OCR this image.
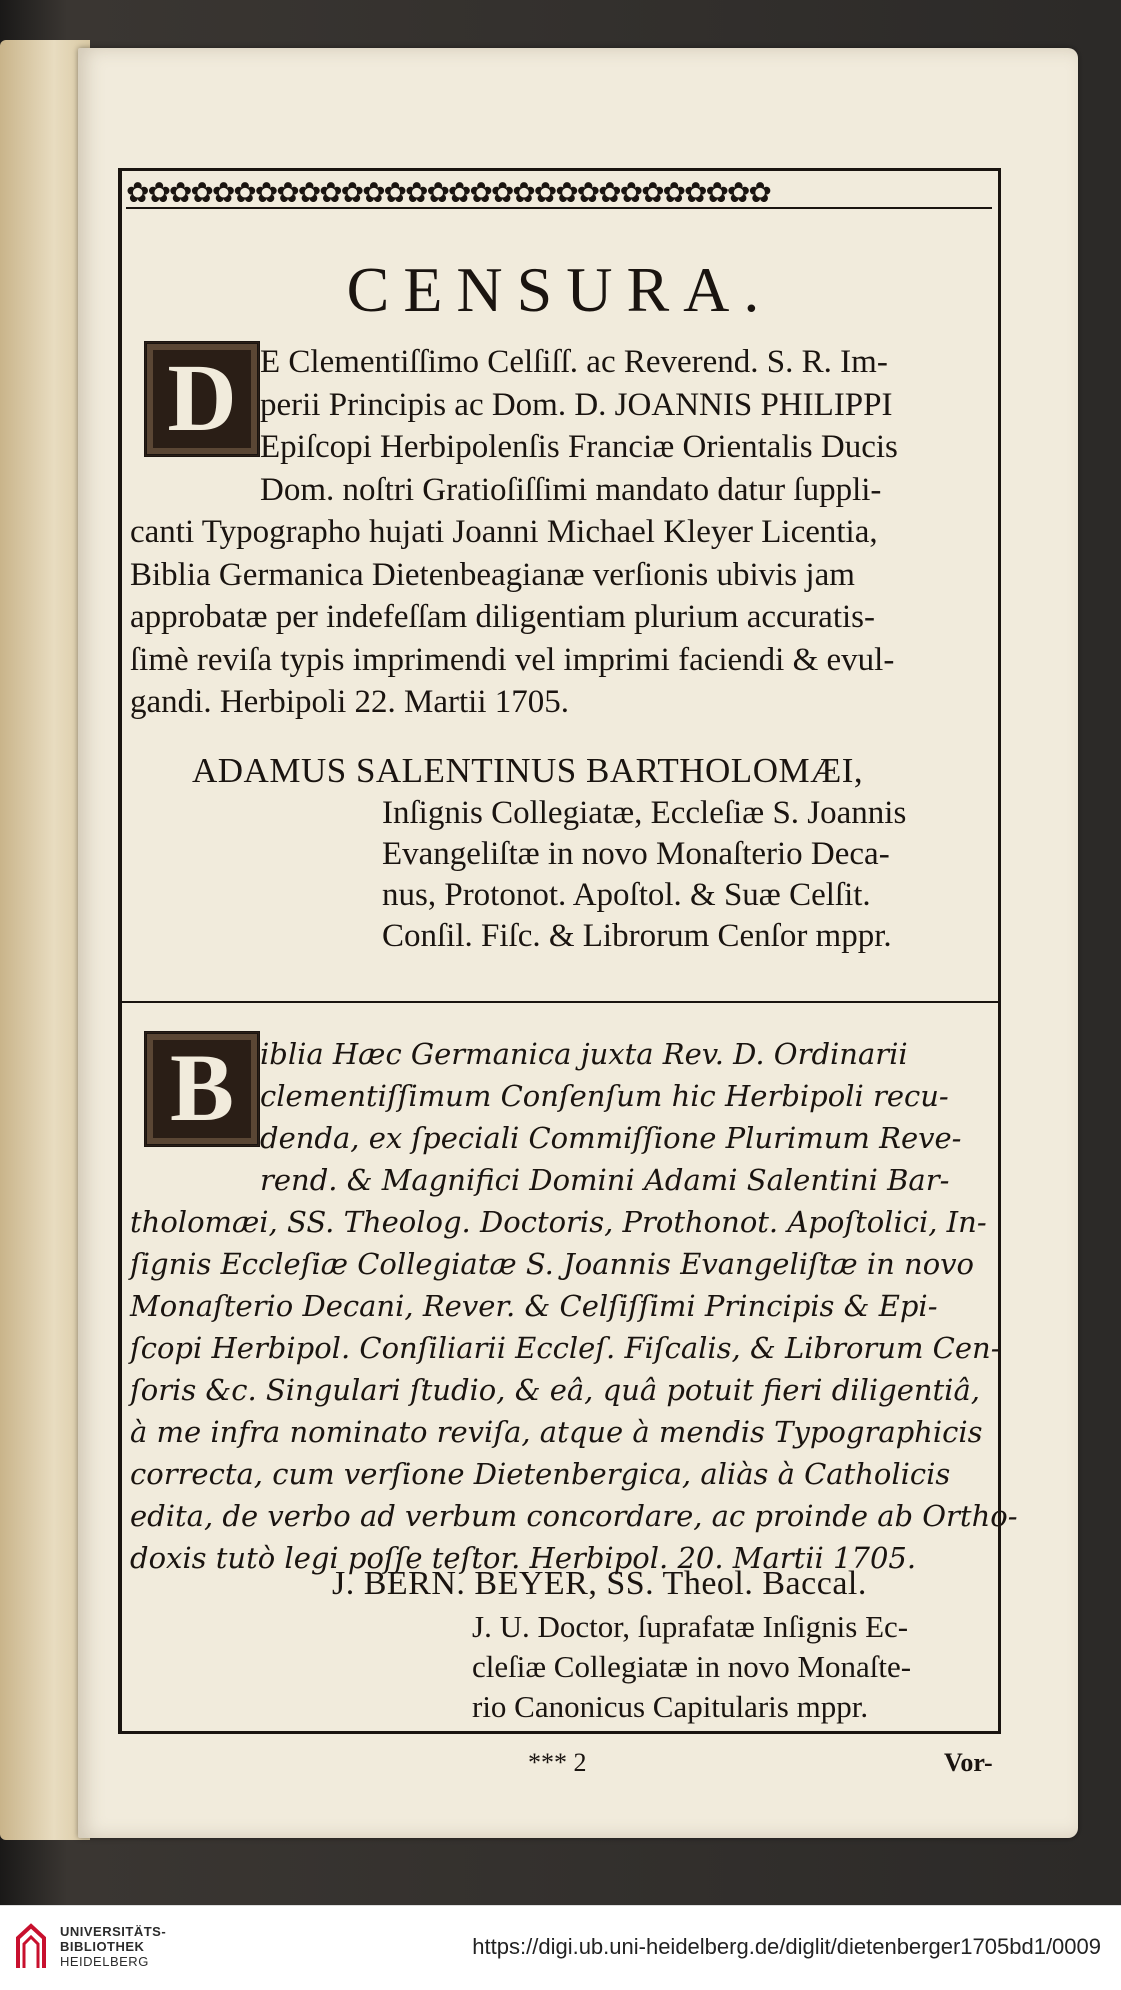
✿✿✿✿✿✿✿✿✿✿✿✿✿✿✿✿✿✿✿✿✿✿✿✿✿✿✿✿✿✿
CENSURA.
D E Clementiſſimo Celſiſſ. ac Reverend. S. R. Im-
perii Principis ac Dom. D. JOANNIS PHILIPPI
Epiſcopi Herbipolenſis Franciæ Orientalis Ducis
Dom. noſtri Gratioſiſſimi mandato datur ſuppli-
canti Typographo hujati Joanni Michael Kleyer Licentia,
Biblia Germanica Dietenbeagianæ verſionis ubivis jam
approbatæ per indefeſſam diligentiam plurium accuratis-
ſimè reviſa typis imprimendi vel imprimi faciendi & evul-
gandi. Herbipoli 22. Martii 1705.
ADAMUS SALENTINUS BARTHOLOMÆI,
Inſignis Collegiatæ, Eccleſiæ S. Joannis
Evangeliſtæ in novo Monaſterio Deca-
nus, Protonot. Apoſtol. & Suæ Celſit.
Conſil. Fiſc. & Librorum Cenſor mppr.
B iblia Hæc Germanica juxta Rev. D. Ordinarii
clementiſſimum Conſenſum hic Herbipoli recu-
denda, ex ſpeciali Commiſſione Plurimum Reve-
rend. & Magnifici Domini Adami Salentini Bar-
tholomæi, SS. Theolog. Doctoris, Prothonot. Apoſtolici, In-
ſignis Eccleſiæ Collegiatæ S. Joannis Evangeliſtæ in novo
Monaſterio Decani, Rever. & Celſiſſimi Principis & Epi-
ſcopi Herbipol. Conſiliarii Eccleſ. Fiſcalis, & Librorum Cen-
ſoris &c. Singulari ſtudio, & eâ, quâ potuit fieri diligentiâ,
à me infra nominato reviſa, atque à mendis Typographicis
correcta, cum verſione Dietenbergica, aliàs à Catholicis
edita, de verbo ad verbum concordare, ac proinde ab Ortho-
doxis tutò legi poſſe teſtor. Herbipol. 20. Martii 1705.
J. BERN. BEYER, SS. Theol. Baccal.
J. U. Doctor, ſuprafatæ Inſignis Ec-
cleſiæ Collegiatæ in novo Monaſte-
rio Canonicus Capitularis mppr.
*** 2	Vor-
UNIVERSITÄTS-
BIBLIOTHEK
HEIDELBERG
https://digi.ub.uni-heidelberg.de/diglit/dietenberger1705bd1/0009
